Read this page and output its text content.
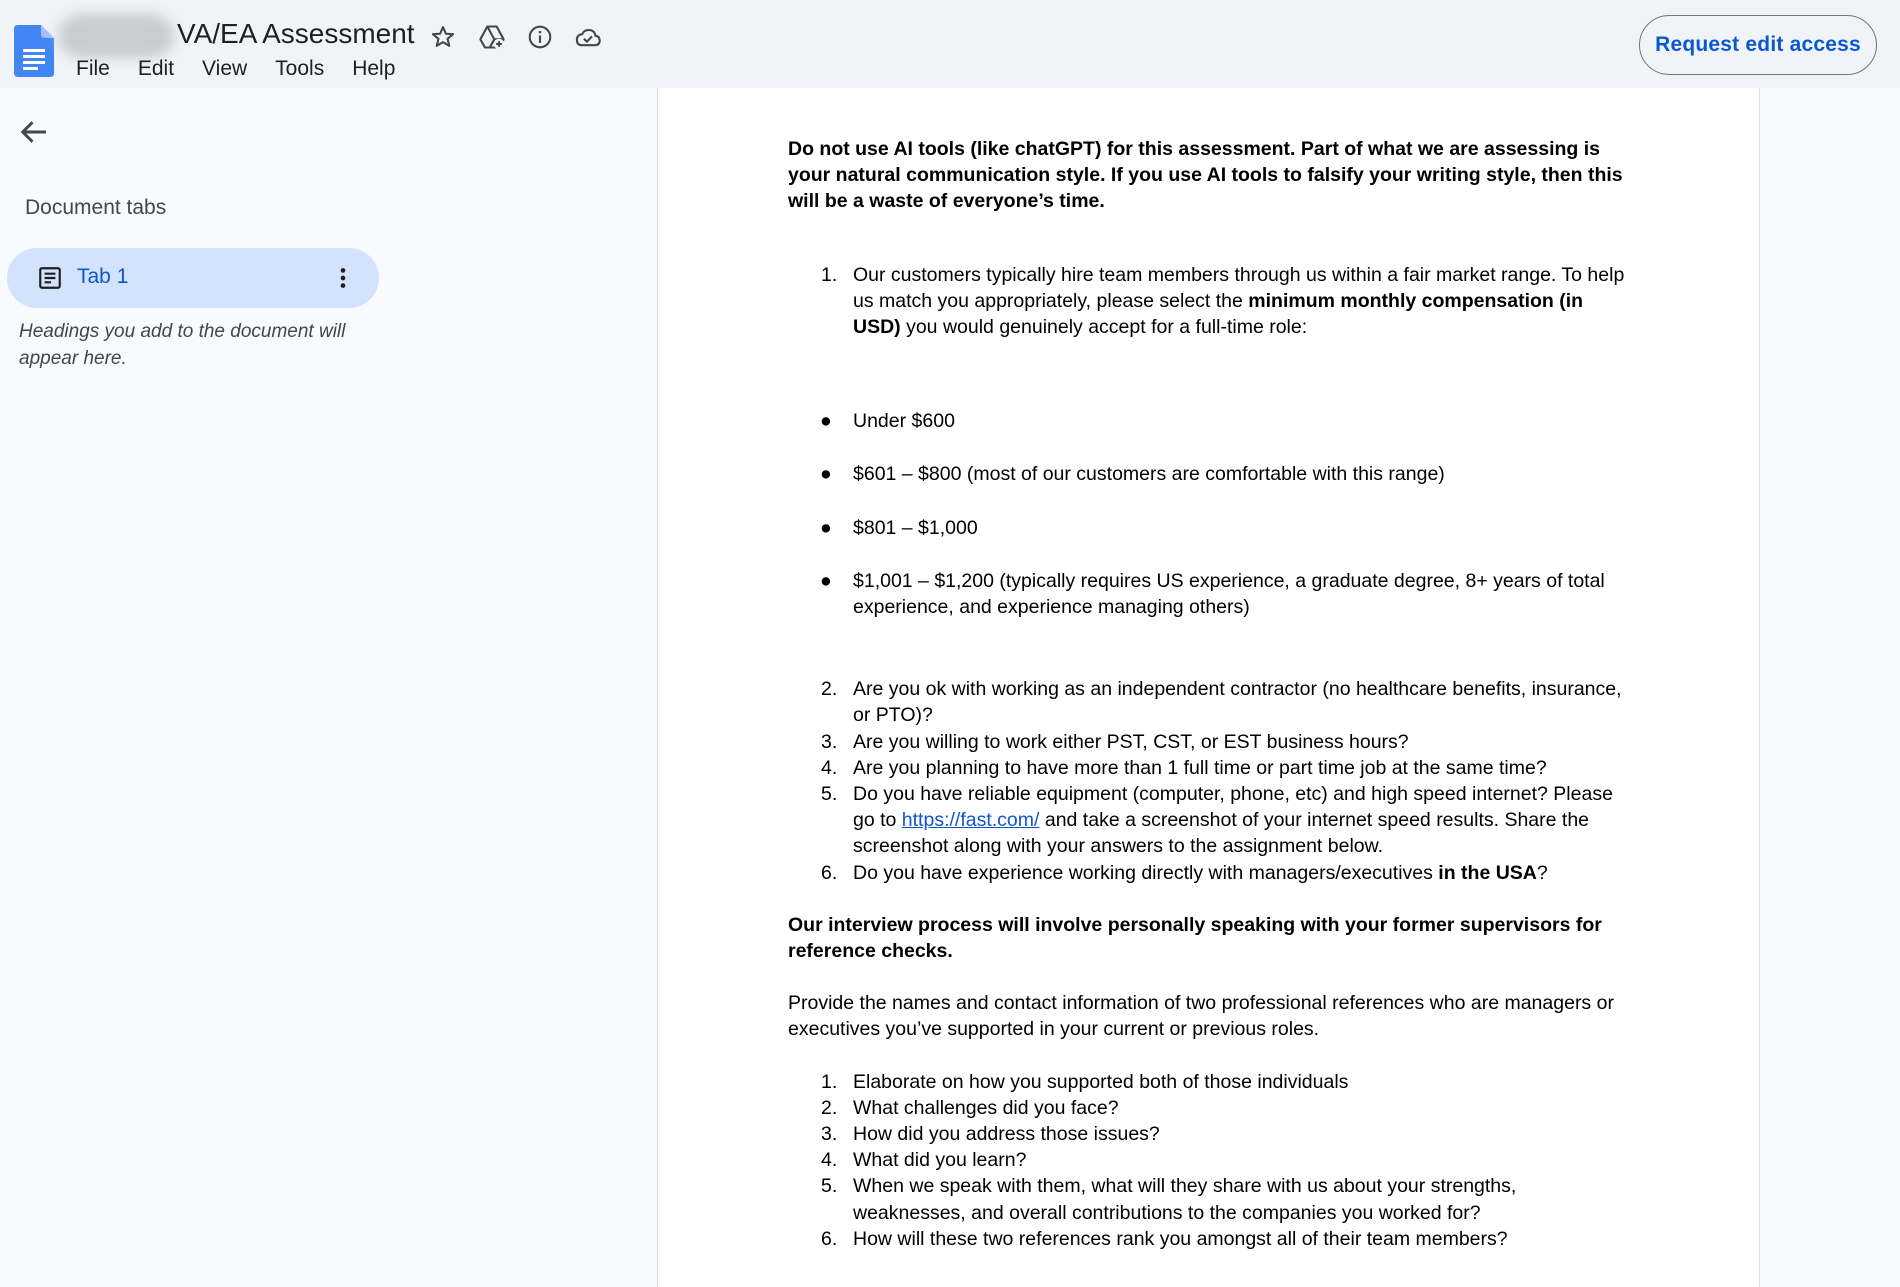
VA/EA Assessment
File	Edit	View	Tools	Help
Request edit access
Document tabs
Tab 1
Headings you add to the document will appear here.

Do not use AI tools (like chatGPT) for this assessment. Part of what we are assessing is your natural communication style. If you use AI tools to falsify your writing style, then this will be a waste of everyone’s time.

1. Our customers typically hire team members through us within a fair market range. To help us match you appropriately, please select the minimum monthly compensation (in USD) you would genuinely accept for a full-time role:
● Under $600
● $601 – $800 (most of our customers are comfortable with this range)
● $801 – $1,000
● $1,001 – $1,200 (typically requires US experience, a graduate degree, 8+ years of total experience, and experience managing others)
2. Are you ok with working as an independent contractor (no healthcare benefits, insurance, or PTO)?
3. Are you willing to work either PST, CST, or EST business hours?
4. Are you planning to have more than 1 full time or part time job at the same time?
5. Do you have reliable equipment (computer, phone, etc) and high speed internet? Please go to https://fast.com/ and take a screenshot of your internet speed results. Share the screenshot along with your answers to the assignment below.
6. Do you have experience working directly with managers/executives in the USA?

Our interview process will involve personally speaking with your former supervisors for reference checks.

Provide the names and contact information of two professional references who are managers or executives you’ve supported in your current or previous roles.

1. Elaborate on how you supported both of those individuals
2. What challenges did you face?
3. How did you address those issues?
4. What did you learn?
5. When we speak with them, what will they share with us about your strengths, weaknesses, and overall contributions to the companies you worked for?
6. How will these two references rank you amongst all of their team members?
